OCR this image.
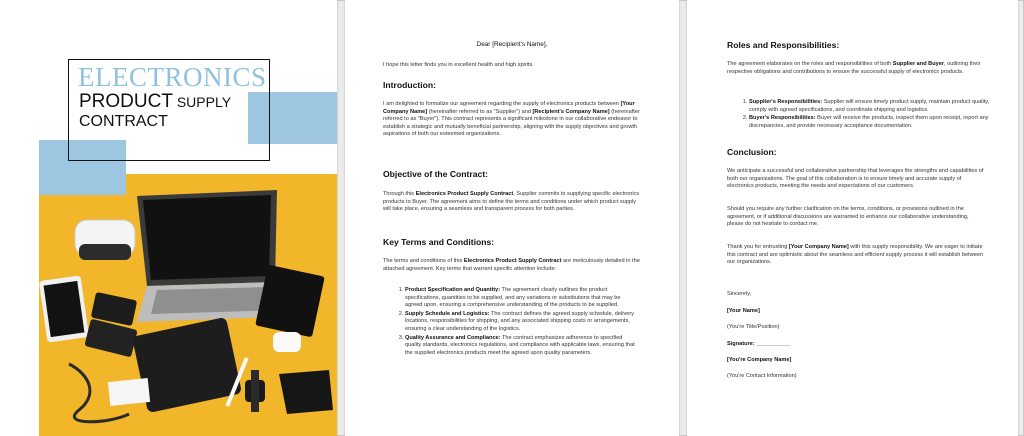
ELECTRONICS
PRODUCT SUPPLY
CONTRACT

Dear [Recipient's Name],

I hope this letter finds you in excellent health and high spirits.

Introduction:

I am delighted to formalize our agreement regarding the supply of electronics products between [Your Company Name] (hereinafter referred to as "Supplier") and [Recipient's Company Name] (hereinafter referred to as "Buyer"). This contract represents a significant milestone in our collaborative endeavor to establish a strategic and mutually beneficial partnership, aligning with the supply objectives and growth aspirations of both our esteemed organizations.

Objective of the Contract:

Through this Electronics Product Supply Contract, Supplier commits to supplying specific electronics products to Buyer. The agreement aims to define the terms and conditions under which product supply will take place, ensuring a seamless and transparent process for both parties.

Key Terms and Conditions:

The terms and conditions of this Electronics Product Supply Contract are meticulously detailed in the attached agreement. Key terms that warrant specific attention include:

1. Product Specification and Quantity: The agreement clearly outlines the product specifications, quantities to be supplied, and any variations or substitutions that may be agreed upon, ensuring a comprehensive understanding of the products to be supplied.
2. Supply Schedule and Logistics: The contract defines the agreed supply schedule, delivery locations, responsibilities for shipping, and any associated shipping costs or arrangements, ensuring a clear understanding of the logistics.
3. Quality Assurance and Compliance: The contract emphasizes adherence to specified quality standards, electronics regulations, and compliance with applicable laws, ensuring that the supplied electronics products meet the agreed upon quality parameters.

Roles and Responsibilities:

The agreement elaborates on the roles and responsibilities of both Supplier and Buyer, outlining their respective obligations and contributions to ensure the successful supply of electronics products.

1. Supplier's Responsibilities: Supplier will ensure timely product supply, maintain product quality, comply with agreed specifications, and coordinate shipping and logistics.
2. Buyer's Responsibilities: Buyer will receive the products, inspect them upon receipt, report any discrepancies, and provide necessary acceptance documentation.

Conclusion:

We anticipate a successful and collaborative partnership that leverages the strengths and capabilities of both our organizations. The goal of this collaboration is to ensure timely and accurate supply of electronics products, meeting the needs and expectations of our customers.

Should you require any further clarification on the terms, conditions, or provisions outlined in the agreement, or if additional discussions are warranted to enhance our collaborative understanding, please do not hesitate to contact me.

Thank you for entrusting [Your Company Name] with this supply responsibility. We are eager to initiate this contract and are optimistic about the seamless and efficient supply process it will establish between our organizations.

Sincerely,

[Your Name]

(You're Title/Position)

Signature: ___________

[You're Company Name]

(You're Contact Information)
